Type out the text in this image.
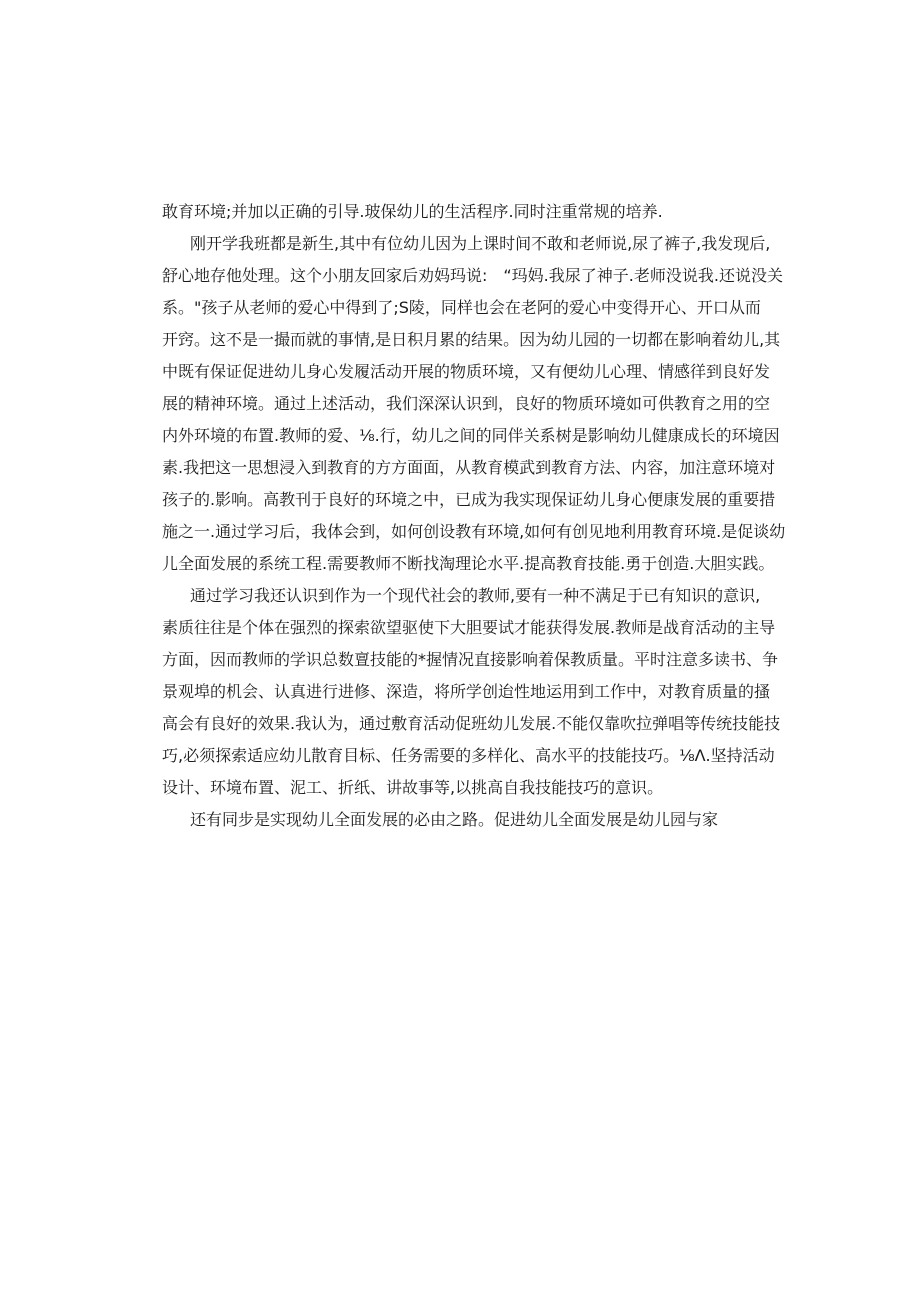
敢育环境;并加以正确的引导.玻保幼儿的生活程序.同时注重常规的培养.
刚开学我班都是新生,其中有位幼儿因为上课时间不敢和老师说,尿了裤子,我发现后,
舒心地存他处理。这个小朋友回家后劝妈玛说:　“玛妈.我尿了神子.老师没说我.还说没关
系。"孩子从老师的爱心中得到了;S陵，同样也会在老阿的爱心中变得开心、开口从而
开窍。这不是一撮而就的事情,是日积月累的结果。因为幼儿园的一切都在影响着幼儿,其
中既有保证促进幼儿身心发履活动开展的物质环境，又有便幼儿心理、情感徉到良好发
展的精神环境。通过上述活动，我们深深认识到，良好的物质环境如可供教育之用的空
内外环境的布置.教师的爱、⅛.行，幼儿之间的同伴关系树是影响幼儿健康成长的环境因
素.我把这一思想浸入到教育的方方面面，从教育模武到教育方法、内容，加注意环境对
孩子的.影响。高教刊于良好的环境之中，已成为我实现保证幼儿身心便康发展的重要措
施之一.通过学习后，我体会到，如何创设教有环境,如何有创见地利用教育环境.是促谈幼
儿全面发展的系统工程.需要教师不断找淘理论水平.提高教育技能.勇于创造.大胆实践。
通过学习我还认识到作为一个现代社会的教师,要有一种不满足于已有知识的意识,
素质往往是个体在强烈的探索欲望驱使下大胆要试才能获得发展.教师是战育活动的主导
方面，因而教师的学识总数亶技能的*握情况直接影响着保教质量。平时注意多读书、争
景观埠的机会、认真进行进修、深造，将所学创迨性地运用到工作中，对教育质量的搔
高会有良好的效果.我认为，通过敷育活动促班幼儿发展.不能仅靠吹拉弹唱等传统技能技
巧,必须探索适应幼儿散育目标、任务需要的多样化、高水平的技能技巧。⅛Λ.坚持活动
设计、环境布置、泥工、折纸、讲故事等,以挑高自我技能技巧的意识。
还有同步是实现幼儿全面发展的必由之路。促进幼儿全面发展是幼儿园与家
